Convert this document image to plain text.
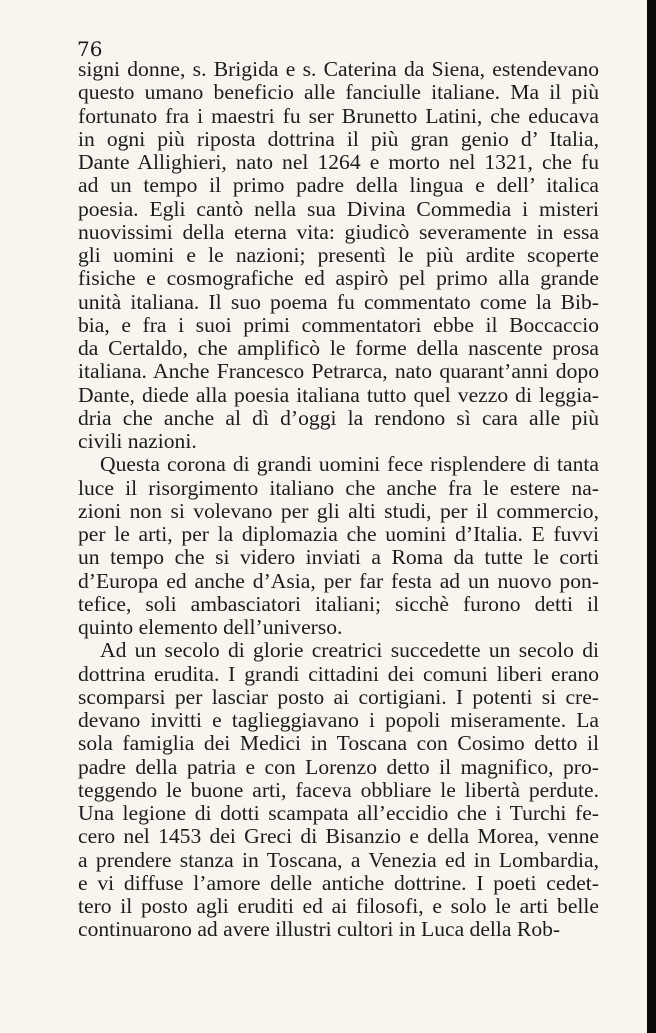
76
signi donne, s. Brigida e s. Caterina da Siena, estendevano
questo umano beneficio alle fanciulle italiane. Ma il più
fortunato fra i maestri fu ser Brunetto Latini, che educava
in ogni più riposta dottrina il più gran genio d’ Italia,
Dante Allighieri, nato nel 1264 e morto nel 1321, che fu
ad un tempo il primo padre della lingua e dell’ italica
poesia. Egli cantò nella sua Divina Commedia i misteri
nuovissimi della eterna vita: giudicò severamente in essa
gli uomini e le nazioni; presentì le più ardite scoperte
fisiche e cosmografiche ed aspirò pel primo alla grande
unità italiana. Il suo poema fu commentato come la Bib-
bia, e fra i suoi primi commentatori ebbe il Boccaccio
da Certaldo, che amplificò le forme della nascente prosa
italiana. Anche Francesco Petrarca, nato quarant’anni dopo
Dante, diede alla poesia italiana tutto quel vezzo di leggia-
dria che anche al dì d’oggi la rendono sì cara alle più
civili nazioni.
Questa corona di grandi uomini fece risplendere di tanta
luce il risorgimento italiano che anche fra le estere na-
zioni non si volevano per gli alti studi, per il commercio,
per le arti, per la diplomazia che uomini d’Italia. E fuvvi
un tempo che si videro inviati a Roma da tutte le corti
d’Europa ed anche d’Asia, per far festa ad un nuovo pon-
tefice, soli ambasciatori italiani; sicchè furono detti il
quinto elemento dell’universo.
Ad un secolo di glorie creatrici succedette un secolo di
dottrina erudita. I grandi cittadini dei comuni liberi erano
scomparsi per lasciar posto ai cortigiani. I potenti si cre-
devano invitti e taglieggiavano i popoli miseramente. La
sola famiglia dei Medici in Toscana con Cosimo detto il
padre della patria e con Lorenzo detto il magnifico, pro-
teggendo le buone arti, faceva obbliare le libertà perdute.
Una legione di dotti scampata all’eccidio che i Turchi fe-
cero nel 1453 dei Greci di Bisanzio e della Morea, venne
a prendere stanza in Toscana, a Venezia ed in Lombardia,
e vi diffuse l’amore delle antiche dottrine. I poeti cedet-
tero il posto agli eruditi ed ai filosofi, e solo le arti belle
continuarono ad avere illustri cultori in Luca della Rob-
